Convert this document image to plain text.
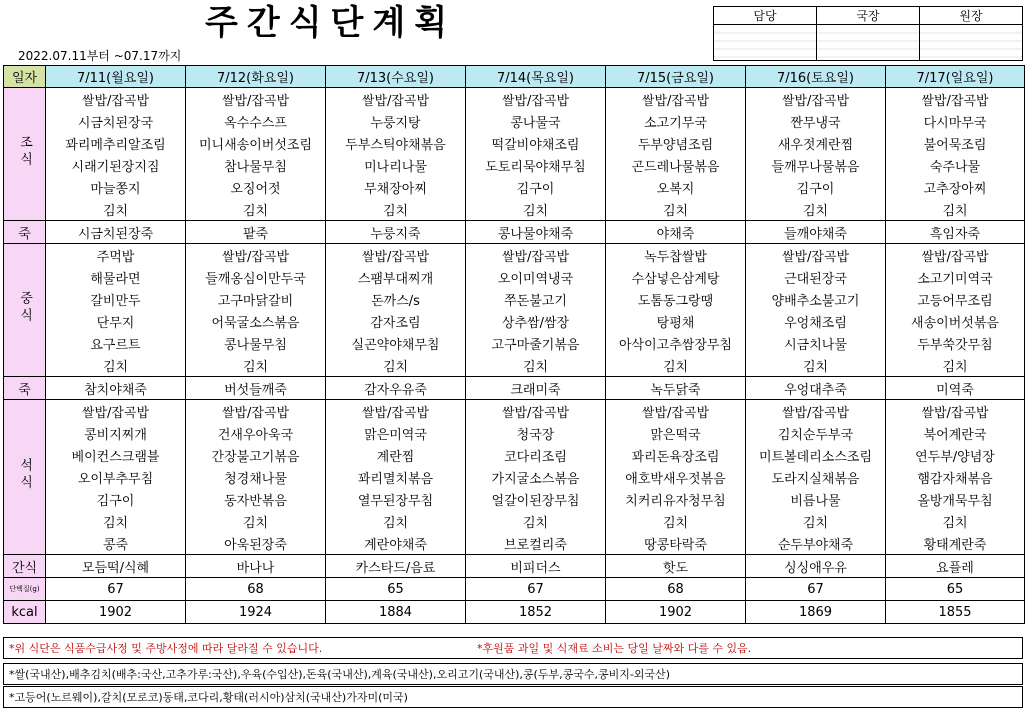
주간식단계획
2022.07.11부터 ~07.17까지
담당	국장	원장

일자	7/11(월요일)	7/12(화요일)	7/13(수요일)	7/14(목요일)	7/15(금요일)	7/16(토요일)	7/17(일요일)
조식	쌀밥/잡곡밥	쌀밥/잡곡밥	쌀밥/잡곡밥	쌀밥/잡곡밥	쌀밥/잡곡밥	쌀밥/잡곡밥	쌀밥/잡곡밥
	시금치된장국	옥수수스프	누룽지탕	콩나물국	소고기무국	짠무냉국	다시마무국
	꽈리메추리알조림	미니새송이버섯조림	두부스틱야채볶음	떡갈비야채조림	두부양념조림	새우젓계란찜	불어묵조림
	시래기된장지짐	참나물무침	미나리나물	도토리묵야채무침	곤드레나물볶음	들깨무나물볶음	숙주나물
	마늘쫑지	오징어젓	무채장아찌	김구이	오복지	김구이	고추장아찌
	김치	김치	김치	김치	김치	김치	김치
죽	시금치된장죽	팥죽	누룽지죽	콩나물야채죽	야채죽	들깨야채죽	흑임자죽
중식	주먹밥	쌀밥/잡곡밥	쌀밥/잡곡밥	쌀밥/잡곡밥	녹두찹쌀밥	쌀밥/잡곡밥	쌀밥/잡곡밥
	해물라면	들깨옹심이만두국	스팸부대찌개	오이미역냉국	수삼넣은삼계탕	근대된장국	소고기미역국
	갈비만두	고구마닭갈비	돈까스/s	쭈돈불고기	도톰동그랑땡	양배추소불고기	고등어무조림
	단무지	어묵굴소스볶음	감자조림	상추쌈/쌈장	탕평채	우엉채조림	새송이버섯볶음
	요구르트	콩나물무침	실곤약야채무침	고구마줄기볶음	아삭이고추쌈장무침	시금치나물	두부쑥갓무침
	김치	김치	김치	김치	김치	김치	김치
죽	참치야채죽	버섯들깨죽	감자우유죽	크래미죽	녹두닭죽	우엉대추죽	미역죽
석식	쌀밥/잡곡밥	쌀밥/잡곡밥	쌀밥/잡곡밥	쌀밥/잡곡밥	쌀밥/잡곡밥	쌀밥/잡곡밥	쌀밥/잡곡밥
	콩비지찌개	건새우아욱국	맑은미역국	청국장	맑은떡국	김치순두부국	북어계란국
	베이컨스크램블	간장불고기볶음	계란찜	코다리조림	꽈리돈육장조림	미트볼데리소스조림	연두부/양념장
	오이부추무침	청경채나물	꽈리멸치볶음	가지굴소스볶음	애호박새우젓볶음	도라지실채볶음	햄감자채볶음
	김구이	동자반볶음	열무된장무침	얼갈이된장무침	치커리유자청무침	비름나물	올방개묵무침
	김치	김치	김치	김치	김치	김치	김치
	콩죽	아욱된장죽	계란야채죽	브로컬리죽	땅콩타락죽	순두부야채죽	황태계란죽
간식	모듬떡/식혜	바나나	카스타드/음료	비피더스	핫도	싱싱애우유	요플레
단백질(g)	67	68	65	67	68	67	65
kcal	1902	1924	1884	1852	1902	1869	1855
*위 식단은 식품수급사정 및 주방사정에 따라 달라질 수 있습니다.	*후원품 과일 및 식재료 소비는 당일 날짜와 다를 수 있음.
*쌀(국내산),배추김치(배추:국산,고추가루:국산),우육(수입산),돈육(국내산),계육(국내산),오리고기(국내산),콩(두부,콩국수,콩비지-외국산)
*고등어(노르웨이),갈치(모로코)동태,코다리,황태(러시아)삼치(국내산)가자미(미국)
